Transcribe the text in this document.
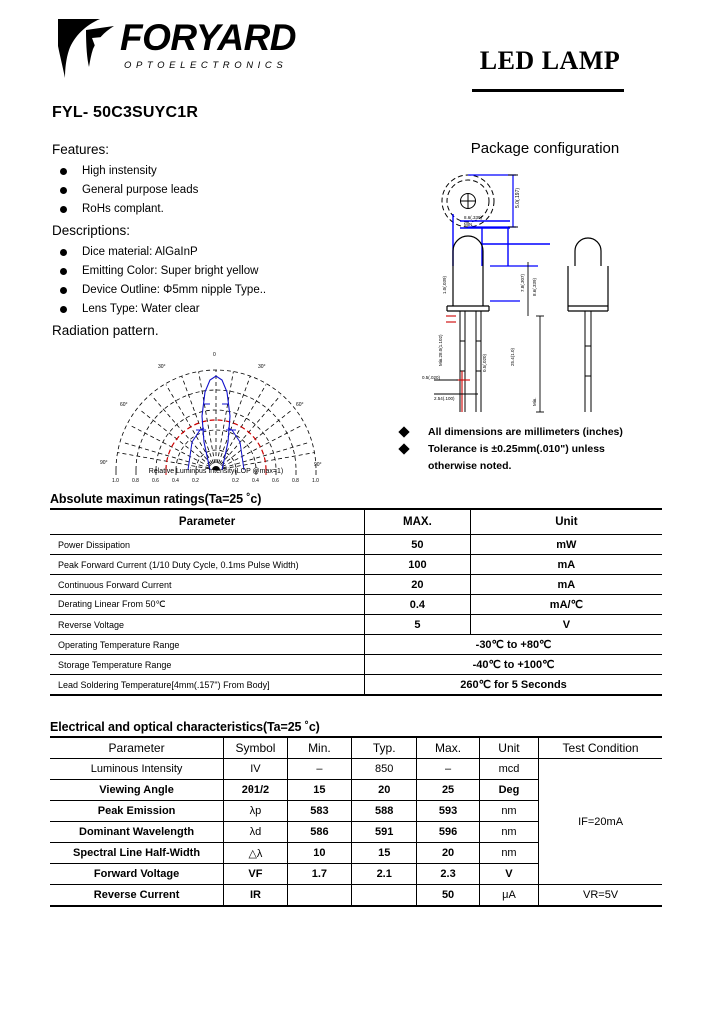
FORYARD
OPTOELECTRONICS	LED LAMP
FYL- 50C3SUYC1R
Features:
High instensity
General purpose leads
RoHs complant.
Descriptions:
Dice material: AlGaInP
Emitting Color: Super bright yellow
Device Outline: Φ5mm nipple Type..
Lens Type: Water clear
Radiation pattern.
Package configuration
5.0(.197)
8.6(.339)
MIN.
1.0(.039)
Min.28.0(1.102)
7.8(.307) 8.6(.339)
25.4(1.0)
Min.
0.5(.020)
2.54(.100)
0.5(.020)
0
30°
60°
90°
30°
60°
90°
1.0	0.8	0.6	0.4	0.2	0.2	0.4	0.6	0.8	1.0
Relative Luminous Intensity(LOP @max=1)
All dimensions are millimeters (inches)
Tolerance is ±0.25mm(.010") unless
otherwise noted.
Absolute maximun ratings(Ta=25 ˚c)
Parameter	MAX.	Unit
Power Dissipation	50	mW
Peak Forward Current (1/10 Duty Cycle, 0.1ms Pulse Width)	100	mA
Continuous Forward Current	20	mA
Derating Linear From 50℃	0.4	mA/℃
Reverse Voltage	5	V
Operating Temperature Range	-30℃ to +80℃	
Storage Temperature Range	-40℃ to +100℃	
Lead Soldering Temperature[4mm(.157") From Body]	260℃ for 5 Seconds	
Electrical and optical characteristics(Ta=25 ˚c)
Parameter	Symbol	Min.	Typ.	Max.	Unit	Test Condition
Luminous Intensity	IV	–	850	–	mcd	IF=20mA
Viewing Angle	2θ1/2	15	20	25	Deg	
Peak Emission	λp	583	588	593	nm	
Dominant Wavelength	λd	586	591	596	nm	
Spectral Line Half-Width	△λ	10	15	20	nm	
Forward Voltage	VF	1.7	2.1	2.3	V	
Reverse Current	IR			50	μA	VR=5V
